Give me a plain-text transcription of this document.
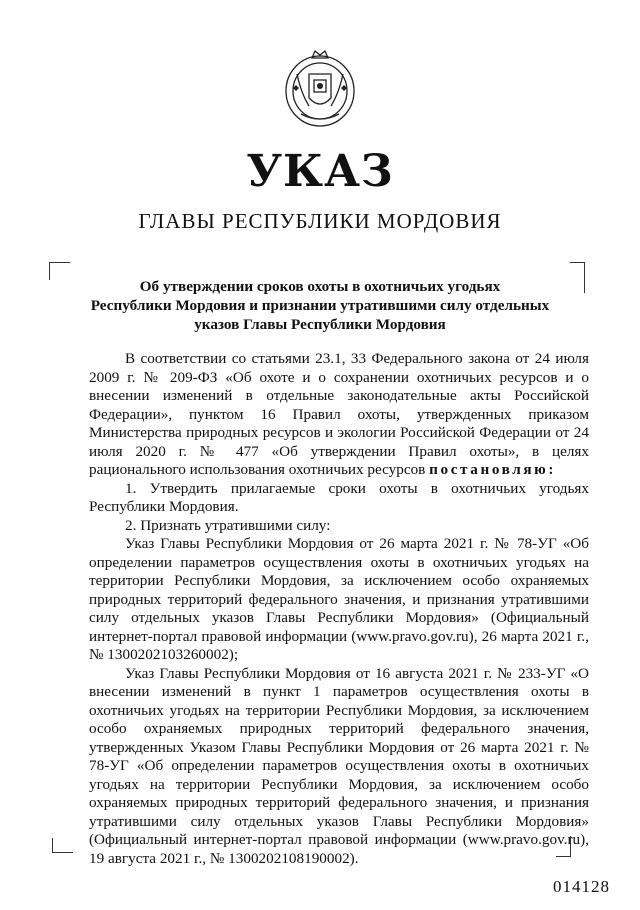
УКАЗ
ГЛАВЫ РЕСПУБЛИКИ МОРДОВИЯ
Об утверждении сроков охоты в охотничьих угодьях
Республики Мордовия и признании утратившими силу отдельных
указов Главы Республики Мордовия

В соответствии со статьями 23.1, 33 Федерального закона от 24 июля 2009 г. № 209-ФЗ «Об охоте и о сохранении охотничьих ресурсов и о внесении изменений в отдельные законодательные акты Российской Федерации», пунктом 16 Правил охоты, утвержденных приказом Министерства природных ресурсов и экологии Российской Федерации от 24 июля 2020 г. № 477 «Об утверждении Правил охоты», в целях рационального использования охотничьих ресурсов постановляю:

1. Утвердить прилагаемые сроки охоты в охотничьих угодьях Республики Мордовия.

2. Признать утратившими силу:

Указ Главы Республики Мордовия от 26 марта 2021 г. № 78-УГ «Об определении параметров осуществления охоты в охотничьих угодьях на территории Республики Мордовия, за исключением особо охраняемых природных территорий федерального значения, и признания утратившими силу отдельных указов Главы Республики Мордовия» (Официальный интернет-портал правовой информации (www.pravo.gov.ru), 26 марта 2021 г., № 1300202103260002);

Указ Главы Республики Мордовия от 16 августа 2021 г. № 233-УГ «О внесении изменений в пункт 1 параметров осуществления охоты в охотничьих угодьях на территории Республики Мордовия, за исключением особо охраняемых природных территорий федерального значения, утвержденных Указом Главы Республики Мордовия от 26 марта 2021 г. № 78-УГ «Об определении параметров осуществления охоты в охотничьих угодьях на территории Республики Мордовия, за исключением особо охраняемых природных территорий федерального значения, и признания утратившими силу отдельных указов Главы Республики Мордовия» (Официальный интернет-портал правовой информации (www.pravo.gov.ru), 19 августа 2021 г., № 1300202108190002).

014128
